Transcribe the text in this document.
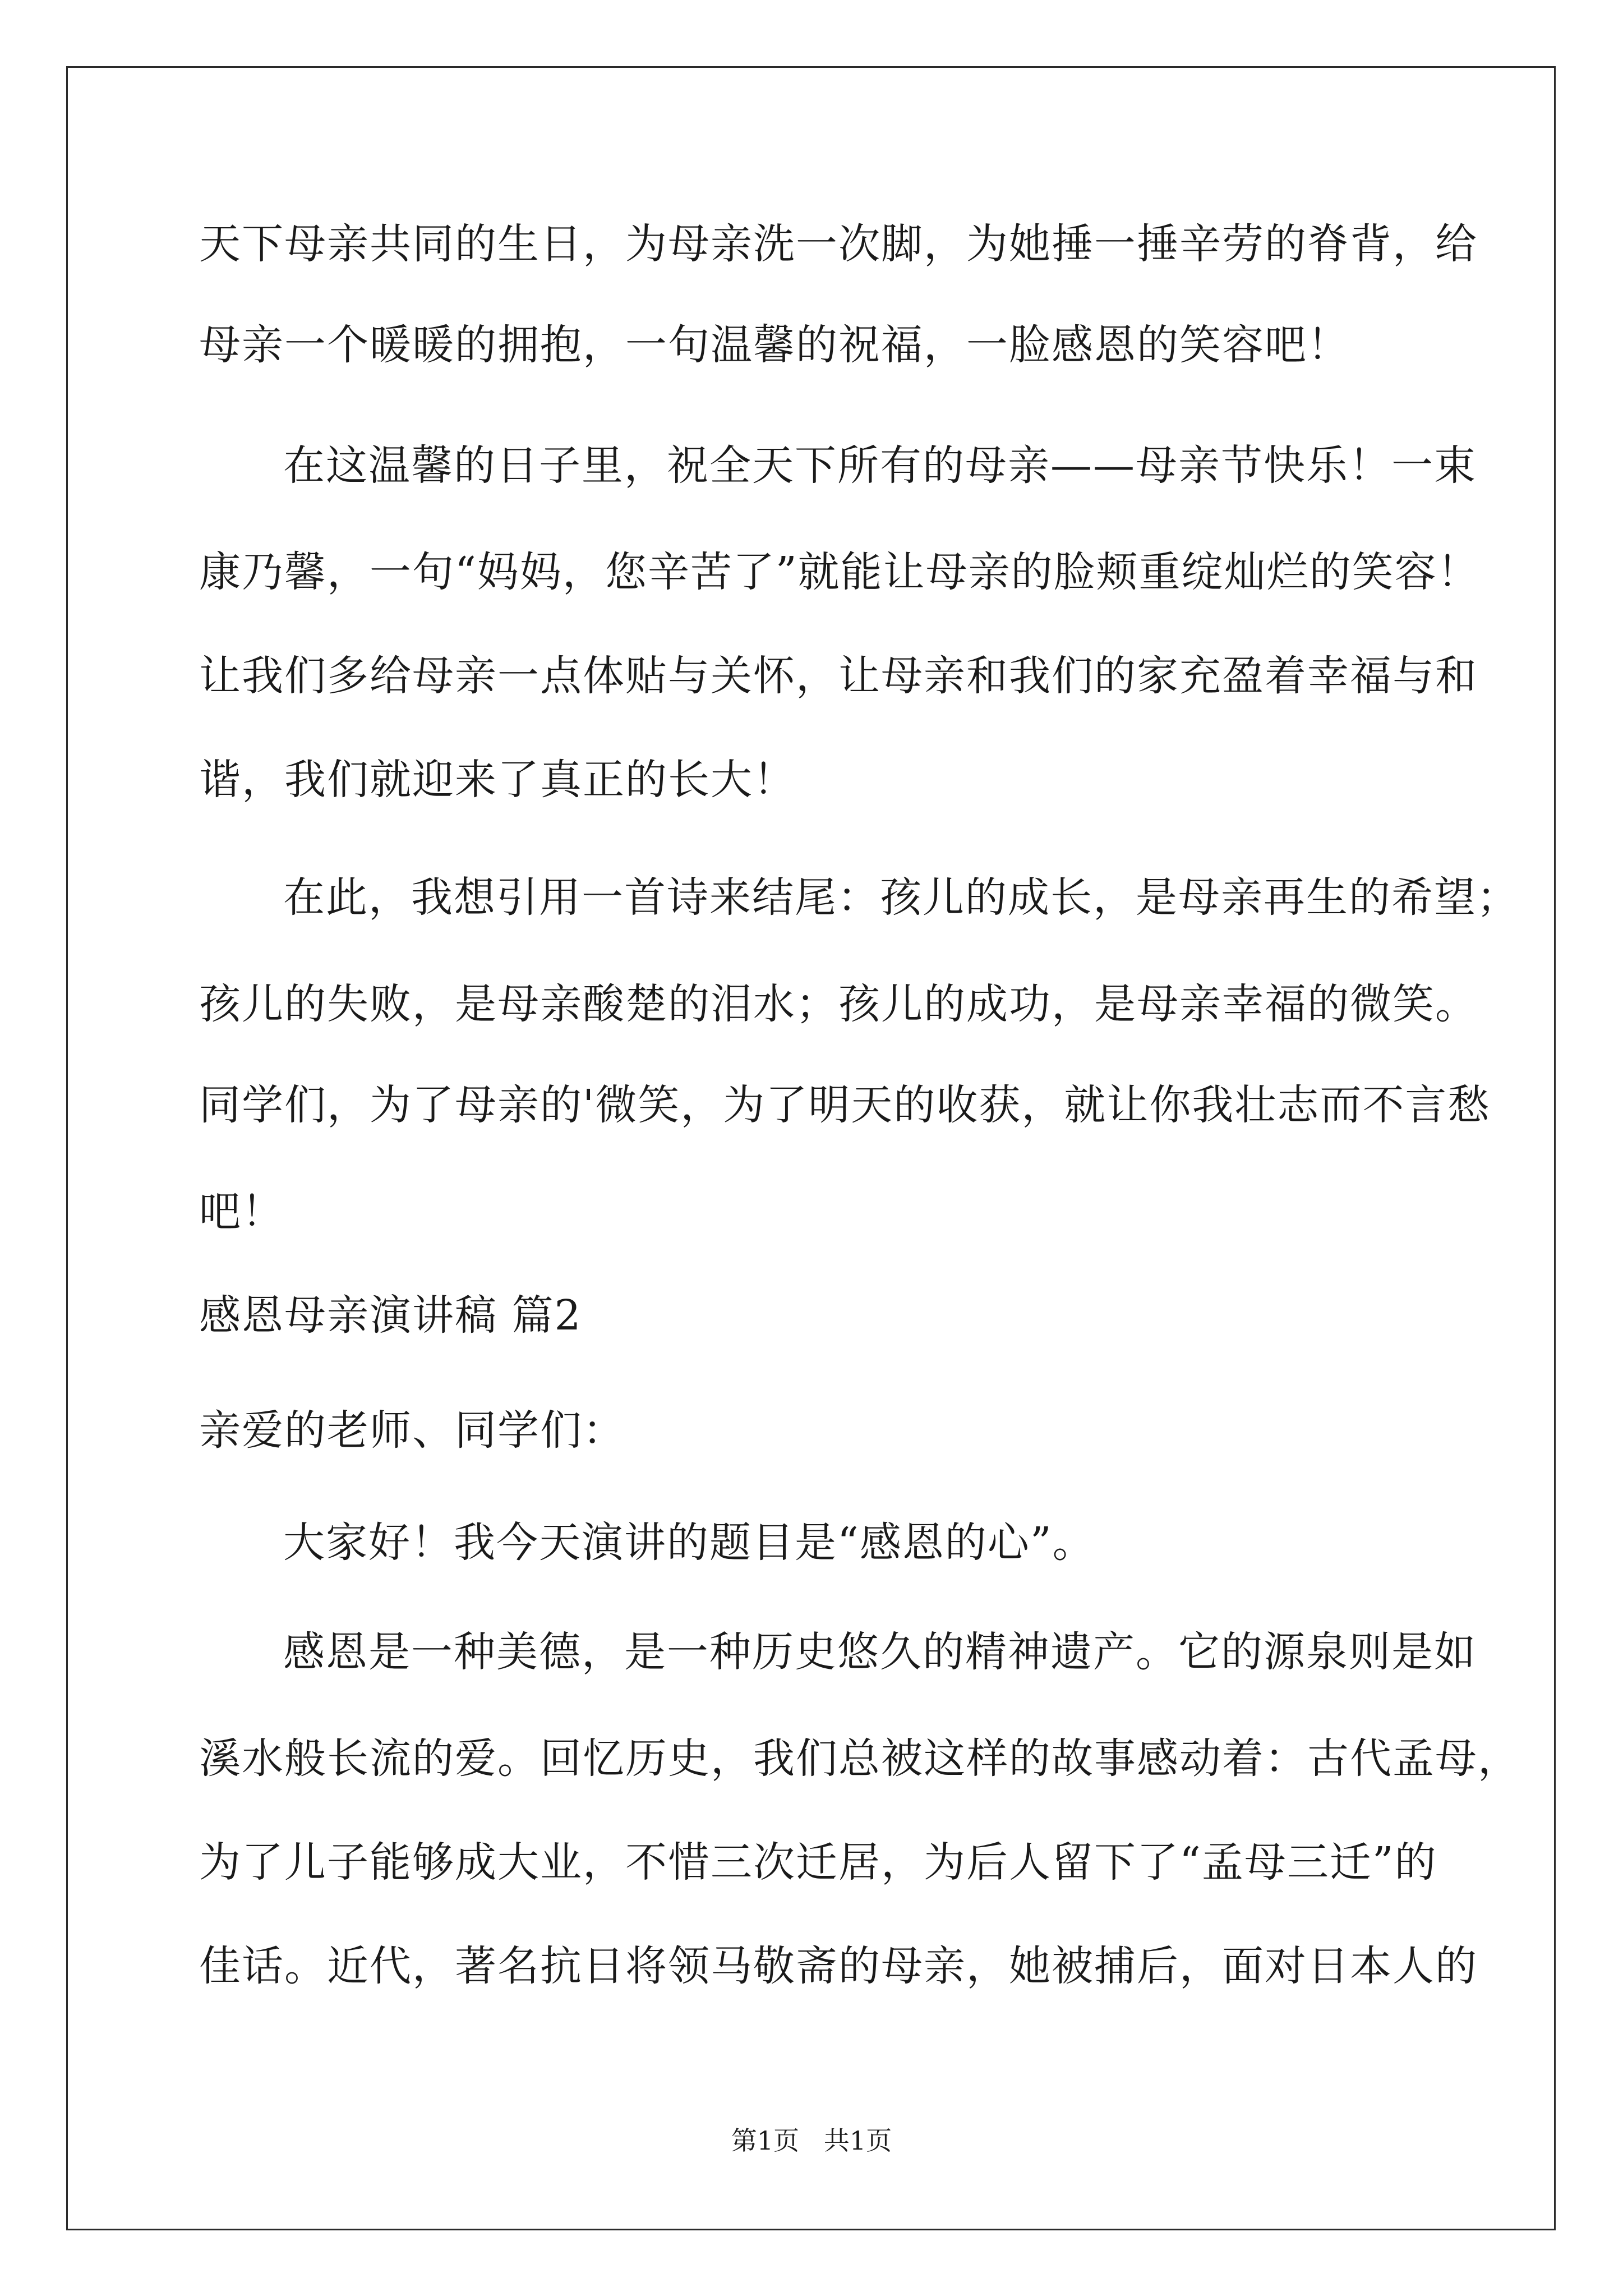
天下母亲共同的生日，为母亲洗一次脚，为她捶一捶辛劳的脊背，给
母亲一个暖暖的拥抱，一句温馨的祝福，一脸感恩的笑容吧！
在这温馨的日子里，祝全天下所有的母亲——母亲节快乐！一束
康乃馨，一句“妈妈，您辛苦了”就能让母亲的脸颊重绽灿烂的笑容！
让我们多给母亲一点体贴与关怀，让母亲和我们的家充盈着幸福与和
谐，我们就迎来了真正的长大！
在此，我想引用一首诗来结尾：孩儿的成长，是母亲再生的希望；
孩儿的失败，是母亲酸楚的泪水；孩儿的成功，是母亲幸福的微笑。
同学们，为了母亲的'微笑，为了明天的收获，就让你我壮志而不言愁
吧！
感恩母亲演讲稿 篇2
亲爱的老师、同学们：
大家好！我今天演讲的题目是“感恩的心”。
感恩是一种美德，是一种历史悠久的精神遗产。它的源泉则是如
溪水般长流的爱。回忆历史，我们总被这样的故事感动着：古代孟母，
为了儿子能够成大业，不惜三次迁居，为后人留下了“孟母三迁”的
佳话。近代，著名抗日将领马敬斋的母亲，她被捕后，面对日本人的
第1页   共1页
